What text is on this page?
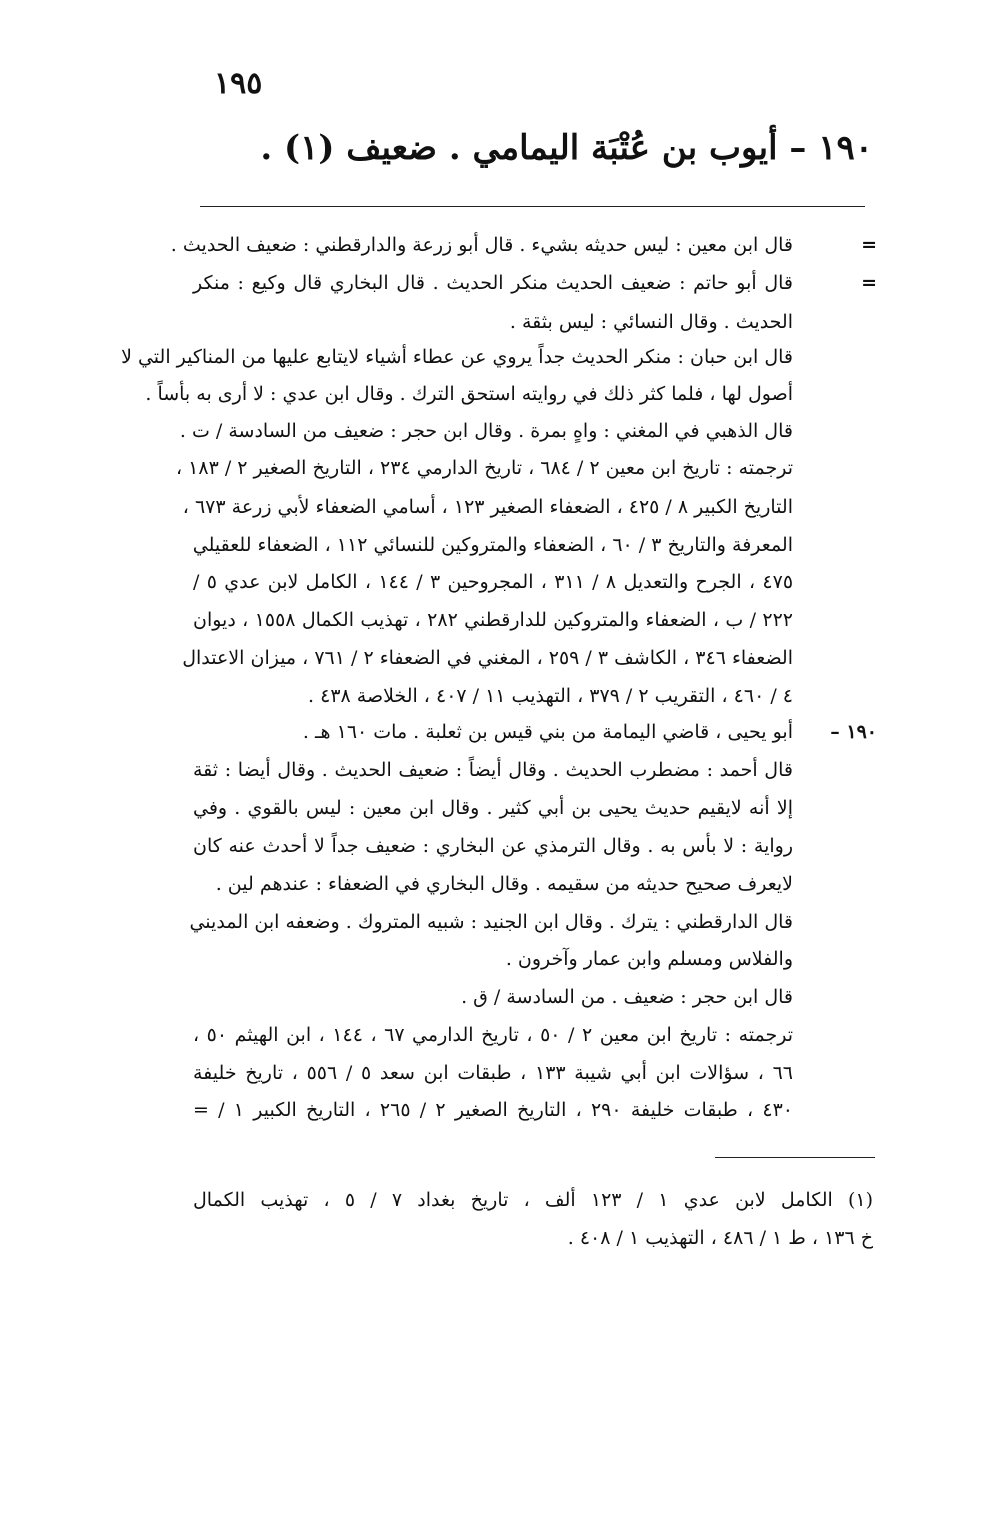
١٩٥
١٩٠ – أيوب بن عُتْبَة اليمامي . ضعيف (١) .
=
=
١٩٠ –
قال ابن معين : ليس حديثه بشيء . قال أبو زرعة والدارقطني : ضعيف الحديث .
قال أبو حاتم : ضعيف الحديث منكر الحديث . قال البخاري قال وكيع : منكر
الحديث . وقال النسائي : ليس بثقة .
قال ابن حبان : منكر الحديث جداً يروي عن عطاء أشياء لايتابع عليها من المناكير التي لا
أصول لها ، فلما كثر ذلك في روايته استحق الترك . وقال ابن عدي : لا أرى به بأساً .
قال الذهبي في المغني : واهٍ بمرة . وقال ابن حجر : ضعيف من السادسة / ت .
ترجمته : تاريخ ابن معين ٢ / ٦٨٤ ، تاريخ الدارمي ٢٣٤ ، التاريخ الصغير ٢ / ١٨٣ ،
التاريخ الكبير ٨ / ٤٢٥ ، الضعفاء الصغير ١٢٣ ، أسامي الضعفاء لأبي زرعة ٦٧٣ ،
المعرفة والتاريخ ٣ / ٦٠ ، الضعفاء والمتروكين للنسائي ١١٢ ، الضعفاء للعقيلي
٤٧٥ ، الجرح والتعديل ٨ / ٣١١ ، المجروحين ٣ / ١٤٤ ، الكامل لابن عدي ٥ /
٢٢٢ / ب ، الضعفاء والمتروكين للدارقطني ٢٨٢ ، تهذيب الكمال ١٥٥٨ ، ديوان
الضعفاء ٣٤٦ ، الكاشف ٣ / ٢٥٩ ، المغني في الضعفاء ٢ / ٧٦١ ، ميزان الاعتدال
٤ / ٤٦٠ ، التقريب ٢ / ٣٧٩ ، التهذيب ١١ / ٤٠٧ ، الخلاصة ٤٣٨ .
أبو يحيى ، قاضي اليمامة من بني قيس بن ثعلبة . مات ١٦٠ هـ .
قال أحمد : مضطرب الحديث . وقال أيضاً : ضعيف الحديث . وقال أيضا : ثقة
إلا أنه لايقيم حديث يحيى بن أبي كثير . وقال ابن معين : ليس بالقوي . وفي
رواية : لا بأس به . وقال الترمذي عن البخاري : ضعيف جداً لا أحدث عنه كان
لايعرف صحيح حديثه من سقيمه . وقال البخاري في الضعفاء : عندهم لين .
قال الدارقطني : يترك . وقال ابن الجنيد : شبيه المتروك . وضعفه ابن المديني
والفلاس ومسلم وابن عمار وآخرون .
قال ابن حجر : ضعيف . من السادسة / ق .
ترجمته : تاريخ ابن معين ٢ / ٥٠ ، تاريخ الدارمي ٦٧ ، ١٤٤ ، ابن الهيثم ٥٠ ،
٦٦ ، سؤالات ابن أبي شيبة ١٣٣ ، طبقات ابن سعد ٥ / ٥٥٦ ، تاريخ خليفة
٤٣٠ ، طبقات خليفة ٢٩٠ ، التاريخ الصغير ٢ / ٢٦٥ ، التاريخ الكبير ١ / =
(١) الكامل لابن عدي ١ / ١٢٣ ألف ، تاريخ بغداد ٧ / ٥ ، تهذيب الكمال
خ ١٣٦ ، ط ١ / ٤٨٦ ، التهذيب ١ / ٤٠٨ .
